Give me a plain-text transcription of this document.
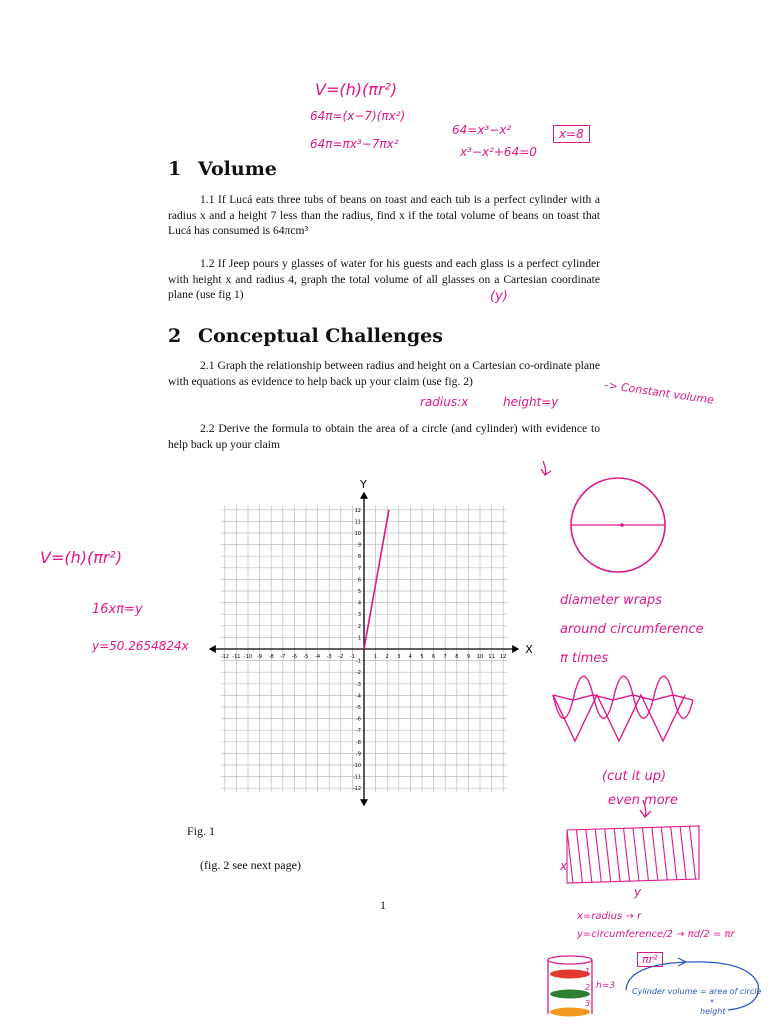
V=(h)(πr²)
64π=(x−7)(πx²)
64π=πx³−7πx²
64=x³−x²
x³−x²+64=0
x=8
1 Volume
1.1 If Lucá eats three tubs of beans on toast and each tub is a perfect cylinder with a radius x and a height 7 less than the radius, find x if the total volume of beans on toast that Lucá has consumed is 64πcm³
1.2 If Jeep pours y glasses of water for his guests and each glass is a perfect cylinder with height x and radius 4, graph the total volume of all glasses on a Cartesian coordinate plane (use fig 1)	(y)
2 Conceptual Challenges
2.1 Graph the relationship between radius and height on a Cartesian co-ordinate plane with equations as evidence to help back up your claim (use fig. 2)	-> Constant volume
radius:x	height=y
2.2 Derive the formula to obtain the area of a circle (and cylinder) with evidence to help back up your claim
V=(h)(πr²)
16xπ=y
y=50.2654824x
-12
-12
-11
-11
-10
-10
-9
-9
-8
-8
-7
-7
-6
-6
-5
-5
-4
-4
-3
-3
-2
-2
-1
-1
1
1
2
2
3
3
4
4
5
5
6
6
7
7
8
8
9
9
10
10
11
11
12
12
X
Y
Fig. 1
(fig. 2 see next page)
1
diameter wraps
around circumference
π times
(cut it up)
even more
x
y
x=radius → r
y=circumference/2 → πd/2 = πr
πr²
1
2
3
h=3
Cylinder volume = area of circle
*
height
